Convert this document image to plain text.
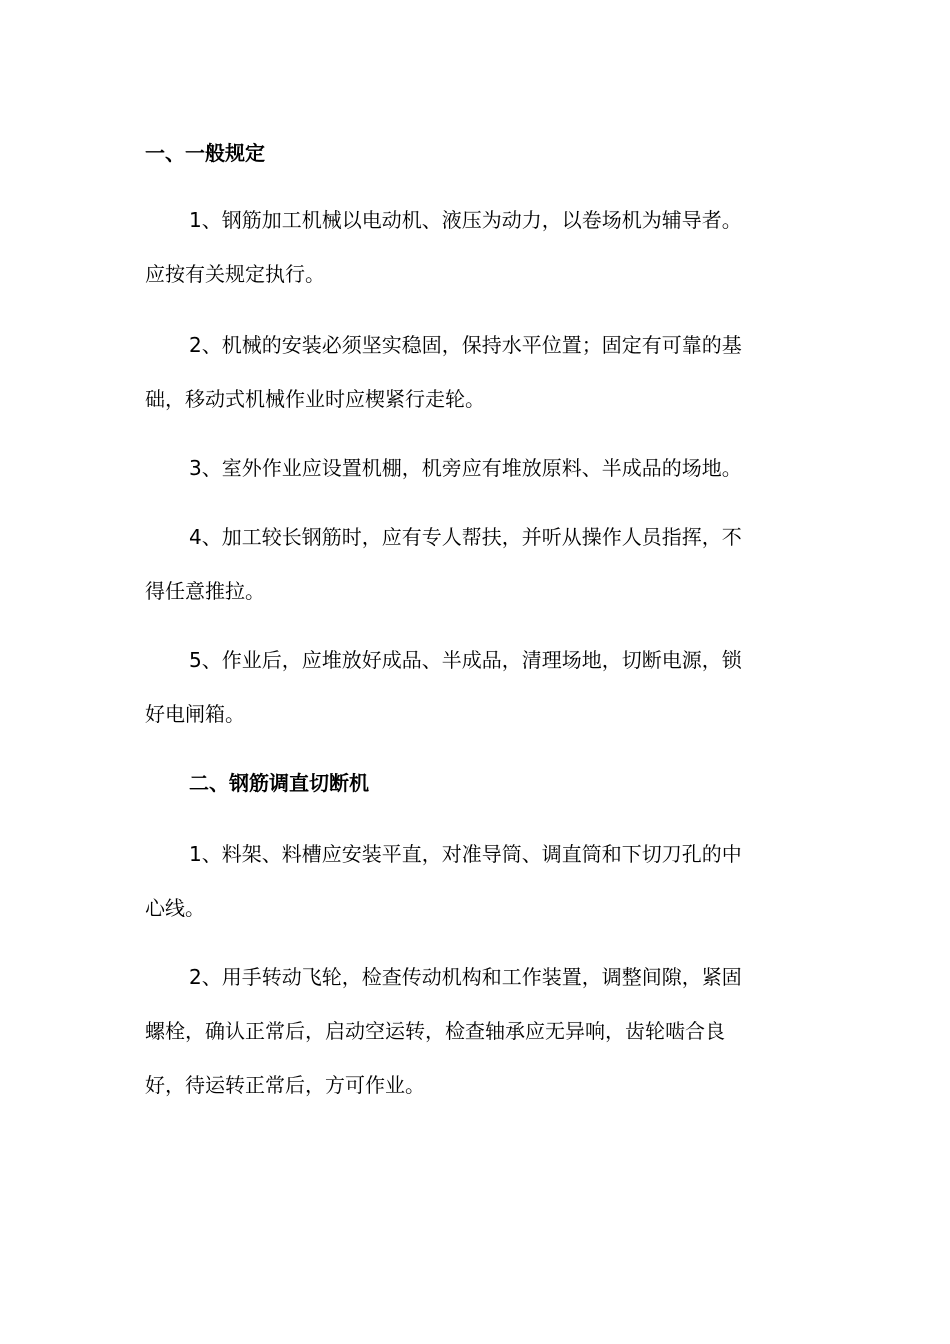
一、一般规定
1、钢筋加工机械以电动机、液压为动力，以卷场机为辅导者。
应按有关规定执行。
2、机械的安装必须坚实稳固，保持水平位置；固定有可靠的基
础，移动式机械作业时应楔紧行走轮。
3、室外作业应设置机棚，机旁应有堆放原料、半成品的场地。
4、加工较长钢筋时，应有专人帮扶，并听从操作人员指挥，不
得任意推拉。
5、作业后，应堆放好成品、半成品，清理场地，切断电源，锁
好电闸箱。
二、钢筋调直切断机
1、料架、料槽应安装平直，对准导筒、调直筒和下切刀孔的中
心线。
2、用手转动飞轮，检查传动机构和工作装置，调整间隙，紧固
螺栓，确认正常后，启动空运转，检查轴承应无异响，齿轮啮合良
好，待运转正常后，方可作业。
